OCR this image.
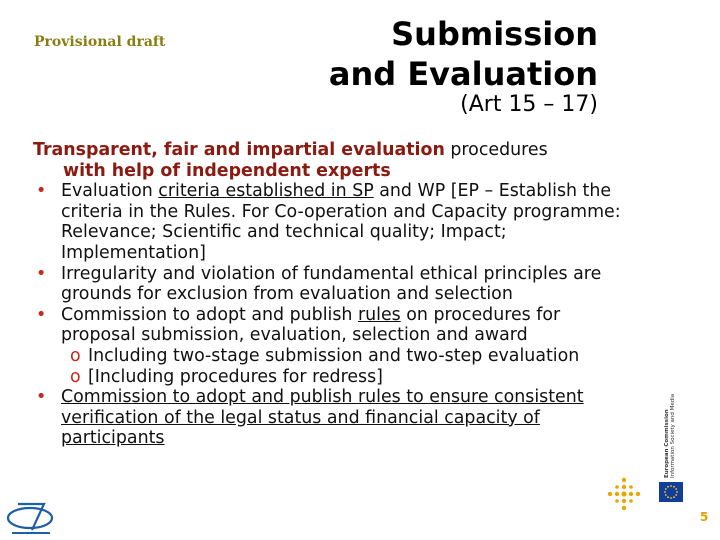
Provisional draft	Submission
and Evaluation
(Art 15 – 17)

Transparent, fair and impartial evaluation procedures
with help of independent experts

• Evaluation criteria established in SP and WP [EP – Establish the criteria in the Rules. For Co-operation and Capacity programme: Relevance; Scientific and technical quality; Impact; Implementation]

• Irregularity and violation of fundamental ethical principles are grounds for exclusion from evaluation and selection

• Commission to adopt and publish rules on procedures for proposal submission, evaluation, selection and award

o Including two-stage submission and two-step evaluation

o [Including procedures for redress]

• Commission to adopt and publish rules to ensure consistent verification of the legal status and financial capacity of participants	European Commission Information Society and Media
5
